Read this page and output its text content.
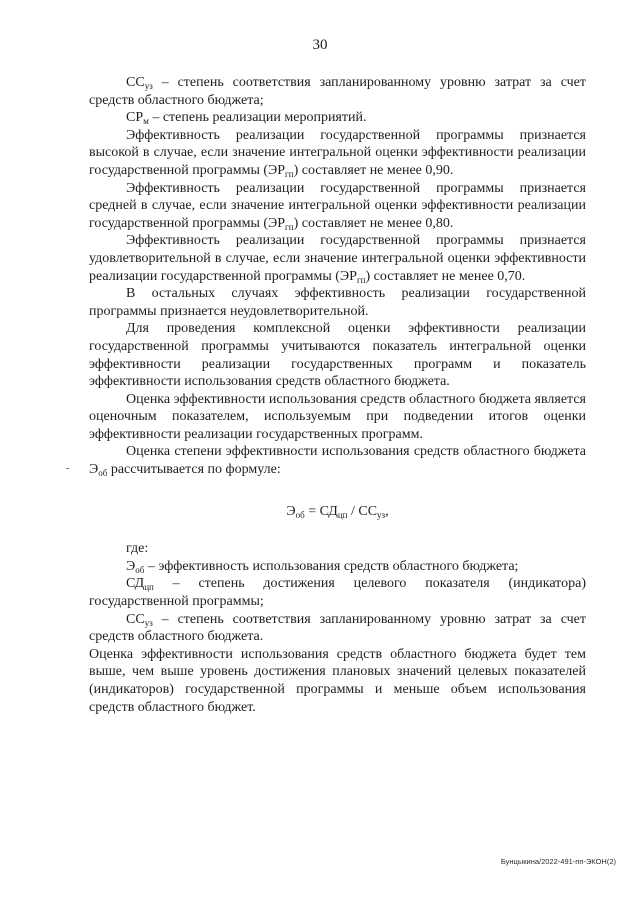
30

$СС_{уз}$ – степень соответствия запланированному уровню затрат за счет средств областного бюджета;

$СР_м$ – степень реализации мероприятий.

Эффективность реализации государственной программы признается высокой в случае, если значение интегральной оценки эффективности реализации государственной программы $(ЭР_{гп})$ составляет не менее 0,90.

Эффективность реализации государственной программы признается средней в случае, если значение интегральной оценки эффективности реализации государственной программы $(ЭР_{гп})$ составляет не менее 0,80.

Эффективность реализации государственной программы признается удовлетворительной в случае, если значение интегральной оценки эффективности реализации государственной программы $(ЭР_{гп})$ составляет не менее 0,70.

В остальных случаях эффективность реализации государственной программы признается неудовлетворительной.

Для проведения комплексной оценки эффективности реализации государственной программы учитываются показатель интегральной оценки эффективности реализации государственных программ и показатель эффективности использования средств областного бюджета.

Оценка эффективности использования средств областного бюджета является оценочным показателем, используемым при подведении итогов оценки эффективности реализации государственных программ.

Оценка степени эффективности использования средств областного бюджета $Э_{об}$ рассчитывается по формуле:

$Э_{об} = СД_{цп} / СС_{уз}$,

где:

$Э_{об}$ – эффективность использования средств областного бюджета;

$СД_{цп}$ – степень достижения целевого показателя (индикатора) государственной программы;

$СС_{уз}$ – степень соответствия запланированному уровню затрат за счет средств областного бюджета.

Оценка эффективности использования средств областного бюджета будет тем выше, чем выше уровень достижения плановых значений целевых показателей (индикаторов) государственной программы и меньше объем использования средств областного бюджет.

Бунцыкина/2022-491-пп-ЭКОН(2)
